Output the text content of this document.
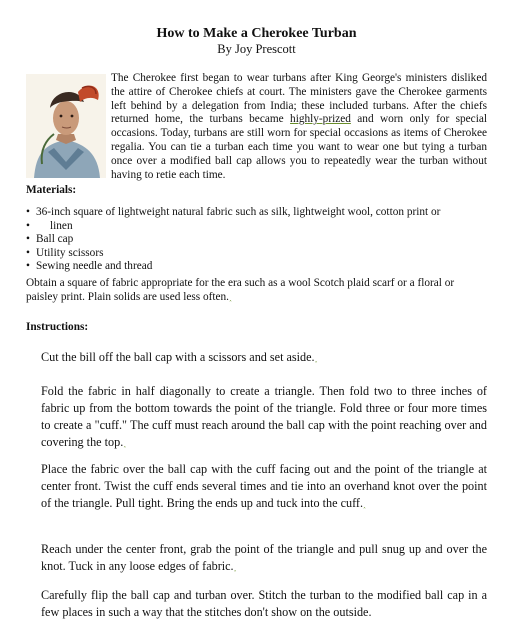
How to Make a Cherokee Turban
By Joy Prescott
The Cherokee first began to wear turbans after King George's ministers disliked the attire of Cherokee chiefs at court. The ministers gave the Cherokee garments left behind by a delegation from India; these included turbans. After the chiefs returned home, the turbans became highly-prized and worn only for special occasions. Today, turbans are still worn for special occasions as items of Cherokee regalia. You can tie a turban each time you want to wear one but tying a turban once over a modified ball cap allows you to repeatedly wear the turban without having to retie each time.
Materials:
• 36-inch square of lightweight natural fabric such as silk, lightweight wool, cotton print or
• linen
• Ball cap
• Utility scissors
• Sewing needle and thread
Obtain a square of fabric appropriate for the era such as a wool Scotch plaid scarf or a floral or paisley print. Plain solids are used less often.˰
Instructions:
Cut the bill off the ball cap with a scissors and set aside.˰
Fold the fabric in half diagonally to create a triangle. Then fold two to three inches of fabric up from the bottom towards the point of the triangle. Fold three or four more times to create a "cuff." The cuff must reach around the ball cap with the point reaching over and covering the top.˰
Place the fabric over the ball cap with the cuff facing out and the point of the triangle at center front. Twist the cuff ends several times and tie into an overhand knot over the point of the triangle. Pull tight. Bring the ends up and tuck into the cuff.˰
Reach under the center front, grab the point of the triangle and pull snug up and over the knot. Tuck in any loose edges of fabric.˰
Carefully flip the ball cap and turban over. Stitch the turban to the modified ball cap in a few places in such a way that the stitches don't show on the outside.
